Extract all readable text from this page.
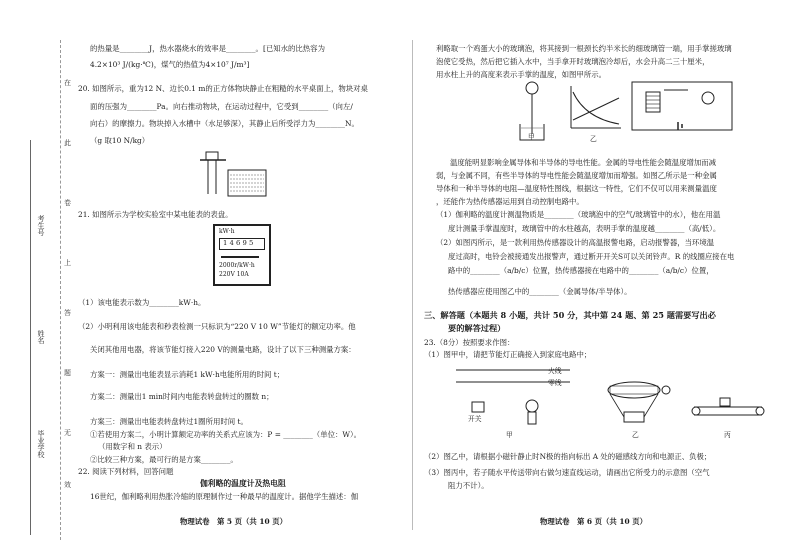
考生号
姓名
毕业学校
在
此
卷
上
答
题
无
效
的热量是________J，热水器烧水的效率是________。[已知水的比热容为
4.2×10³ J/(kg·℃)，煤气的热值为4×10⁷ J/m³]
20. 如图所示，重为12 N、边长0.1 m的正方体物块静止在粗糙的水平桌面上，物块对桌
面的压强为________Pa。向右推动物块，在运动过程中，它受到________（向左/
向右）的摩擦力。物块掉入水槽中（水足够深），其静止后所受浮力为________N。
（g 取10 N/kg）
21. 如图所示为学校实验室中某电能表的表盘。
kW·h
1 4 6 9 5
2000r/kW·h
220V 10A
（1）该电能表示数为________kW·h。
（2）小明利用该电能表和秒表检测一只标识为“220 V 10 W”节能灯的额定功率。他
关闭其他用电器，将该节能灯接入220 V的测量电路，设计了以下三种测量方案：
方案一：测量出电能表显示消耗1 kW·h电能所用的时间 t；
方案二：测量出1 min时间内电能表转盘转过的圈数 n；
方案三：测量出电能表转盘转过1圈所用时间 t。
①若使用方案二，小明计算额定功率的关系式应该为：P = ________（单位：W）。
（用数字和 n 表示）
②比较三种方案，最可行的是方案________。
22. 阅读下列材料，回答问题
伽利略的温度计及热电阻
16世纪，伽利略利用热胀冷缩的原理制作过一种最早的温度计。据他学生描述：伽
物理试卷　第 5 页（共 10 页）
利略取一个鸡蛋大小的玻璃泡，将其接到一根颈长约半米长的细玻璃管一端，用手掌搓玻璃
泡使它受热，然后把它插入水中，当手拿开时玻璃泡冷却后，水会升高二三十厘米，
用水柱上升的高度来表示手掌的温度，如图甲所示。
甲	乙
温度能明显影响金属导体和半导体的导电性能。金属的导电性能会随温度增加而减
弱，与金属不同，有些半导体的导电性能会随温度增加而增强。如图乙所示是一种金属
导体和一种半导体的电阻—温度特性图线，根据这一特性，它们不仅可以用来测量温度
，还能作为热传感器运用到自动控制电路中。
（1）伽利略的温度计测温物质是________（玻璃泡中的空气/玻璃管中的水），他在用温
度计测量手掌温度时，玻璃管中的水柱越高，表明手掌的温度越________（高/低）。
（2）如图丙所示，是一款利用热传感器设计的高温报警电路，启动报警器，当环境温
度过高时，电铃会被接通发出报警声，通过断开开关S可以关闭铃声。R 的线圈应接在电
路中的________（a/b/c）位置，热传感器接在电路中的________（a/b/c）位置，
热传感器应使用图乙中的________（金属导体/半导体）。
三、解答题（本题共 8 小题，共计 50 分，其中第 24 题、第 25 题需要写出必
要的解答过程）
23.（8分）按照要求作图：
（1）图甲中，请把节能灯正确接入到家庭电路中；
火线
零线
开关
甲	乙	丙
（2）图乙中，请根据小磁针静止时N极的指向标出 A 处的磁感线方向和电源正、负极；
（3）图丙中，若子随水平传送带向右做匀速直线运动，请画出它所受力的示意图（空气
阻力不计）。
物理试卷　第 6 页（共 10 页）
